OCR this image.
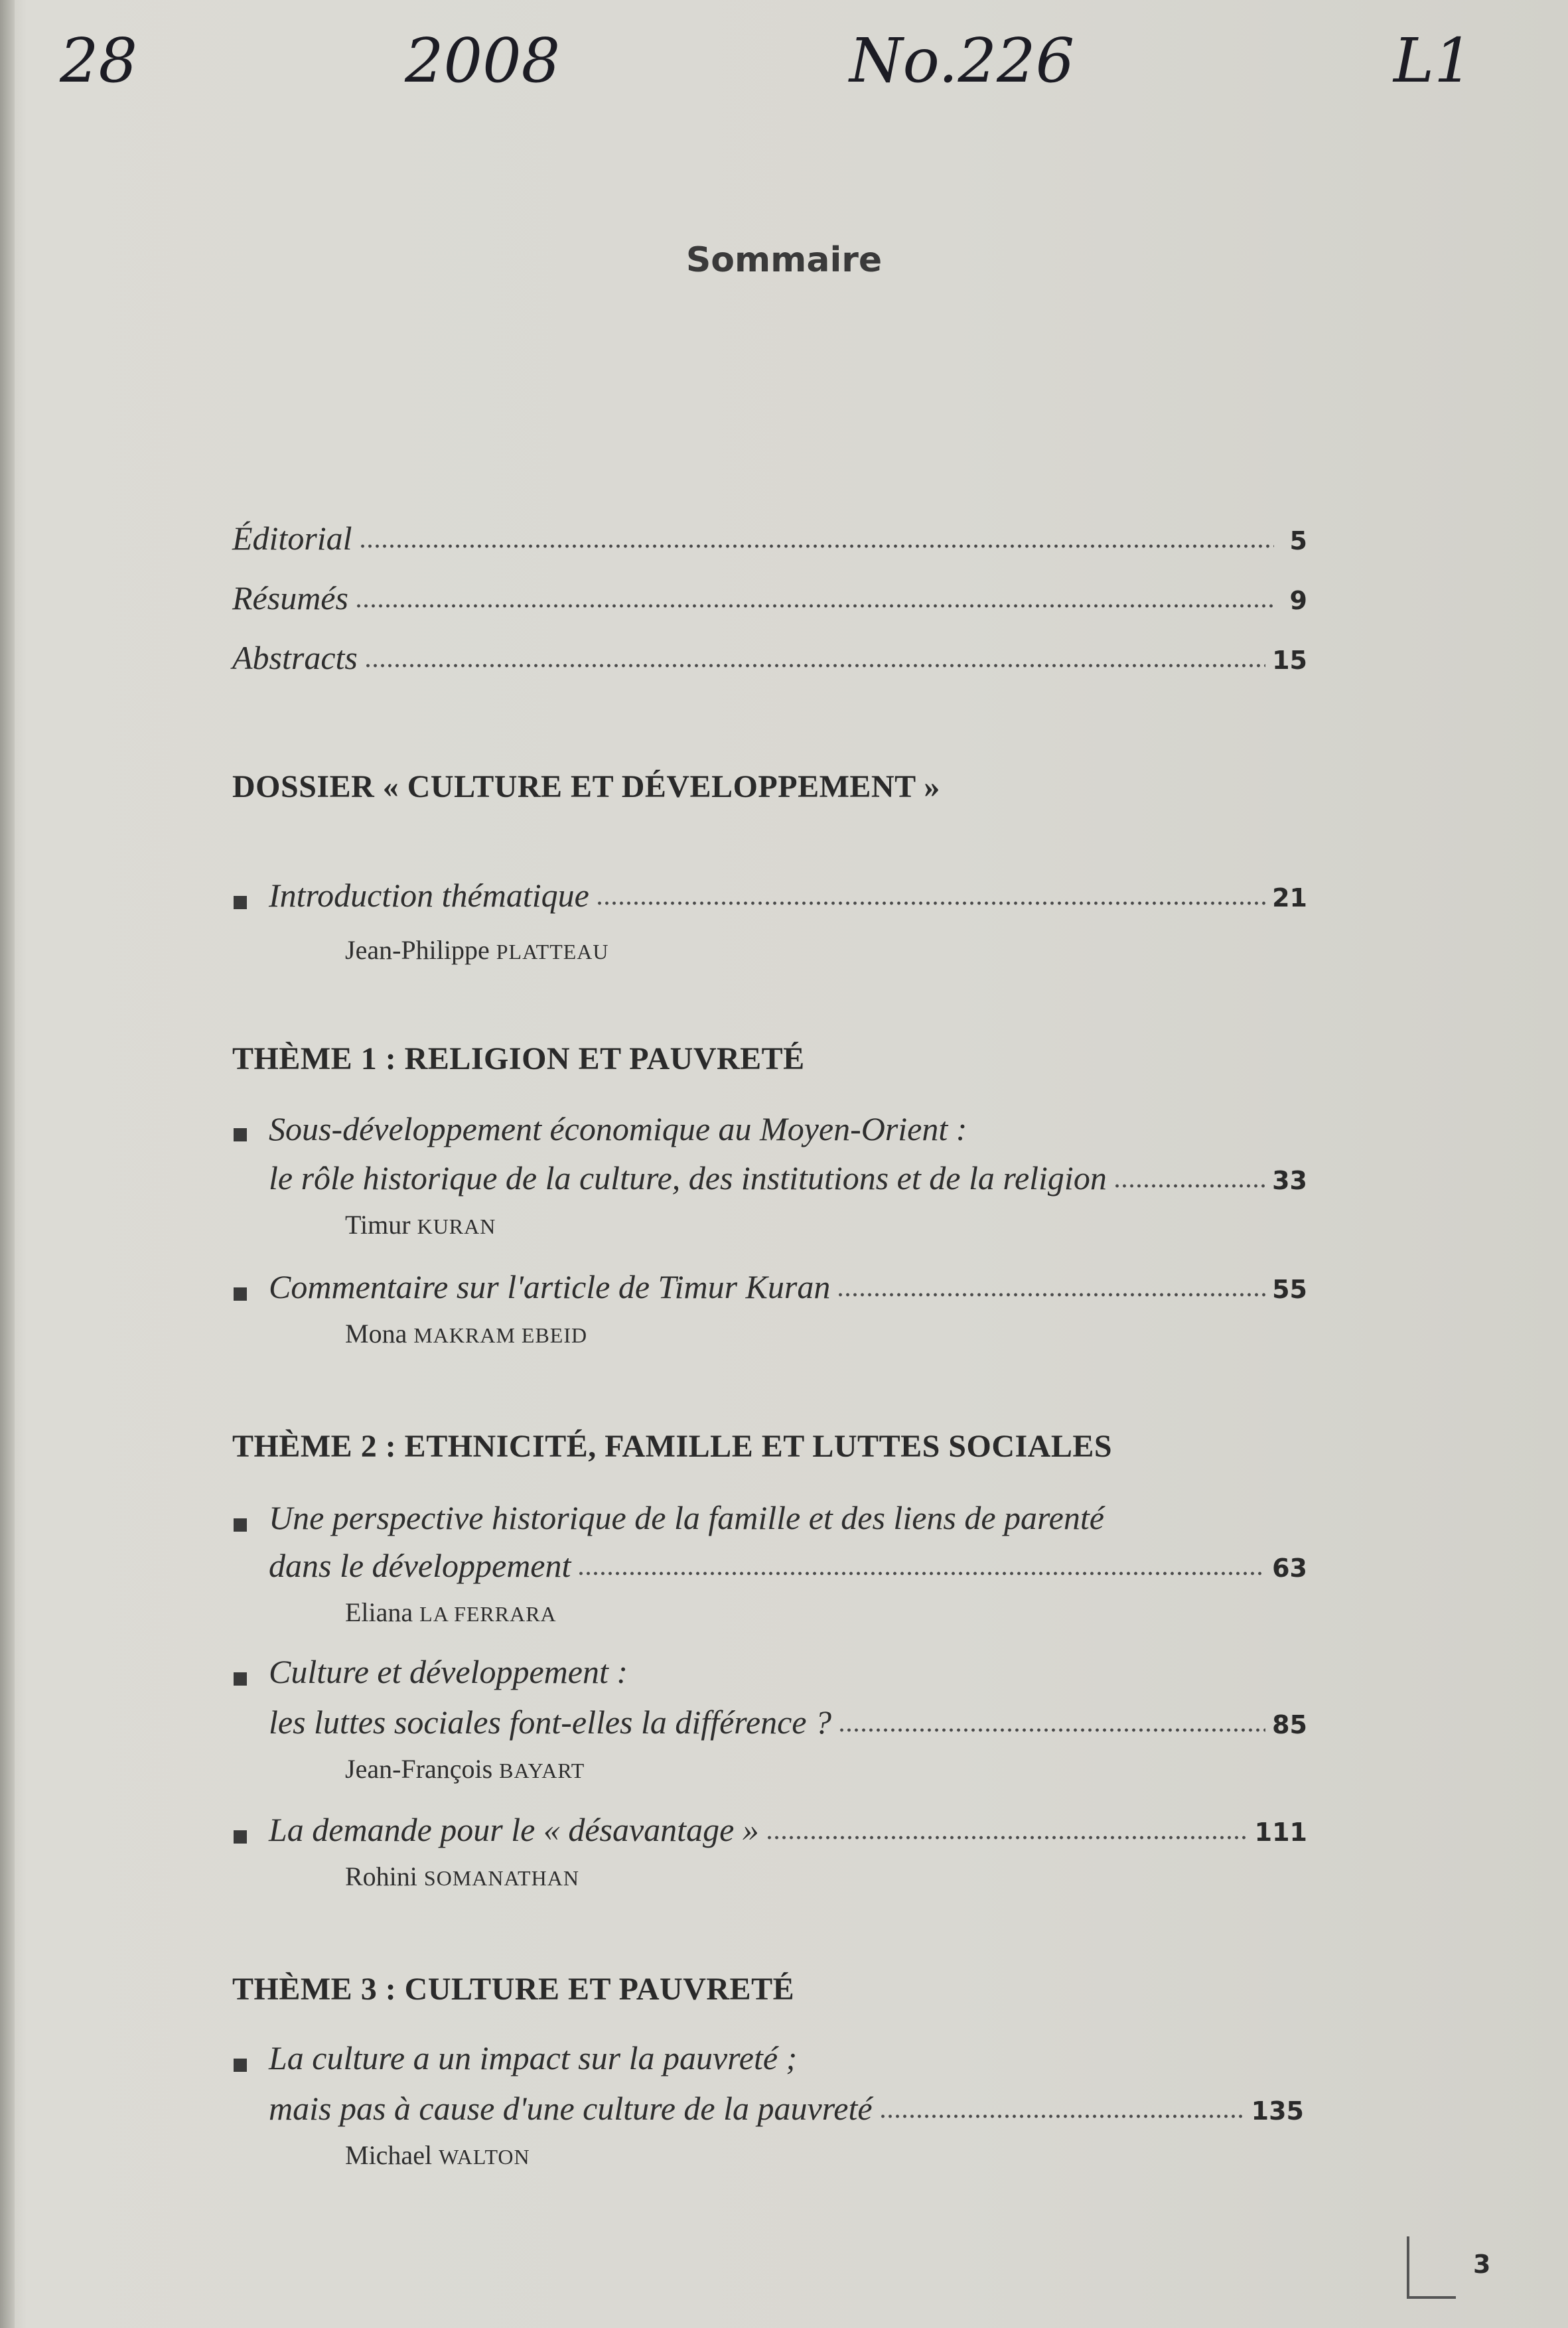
28	2008	No.226	L1
Sommaire
Éditorial	5
Résumés	9
Abstracts	15
DOSSIER « CULTURE ET DÉVELOPPEMENT »
Introduction thématique	21
Jean-Philippe PLATTEAU
THÈME 1 : RELIGION ET PAUVRETÉ
Sous-développement économique au Moyen-Orient :
le rôle historique de la culture, des institutions et de la religion	33
Timur KURAN
Commentaire sur l'article de Timur Kuran	55
Mona MAKRAM EBEID
THÈME 2 : ETHNICITÉ, FAMILLE ET LUTTES SOCIALES
Une perspective historique de la famille et des liens de parenté
dans le développement	63
Eliana LA FERRARA
Culture et développement :
les luttes sociales font-elles la différence ?	85
Jean-François BAYART
La demande pour le « désavantage »	111
Rohini SOMANATHAN
THÈME 3 : CULTURE ET PAUVRETÉ
La culture a un impact sur la pauvreté ;
mais pas à cause d'une culture de la pauvreté	135
Michael WALTON
3
